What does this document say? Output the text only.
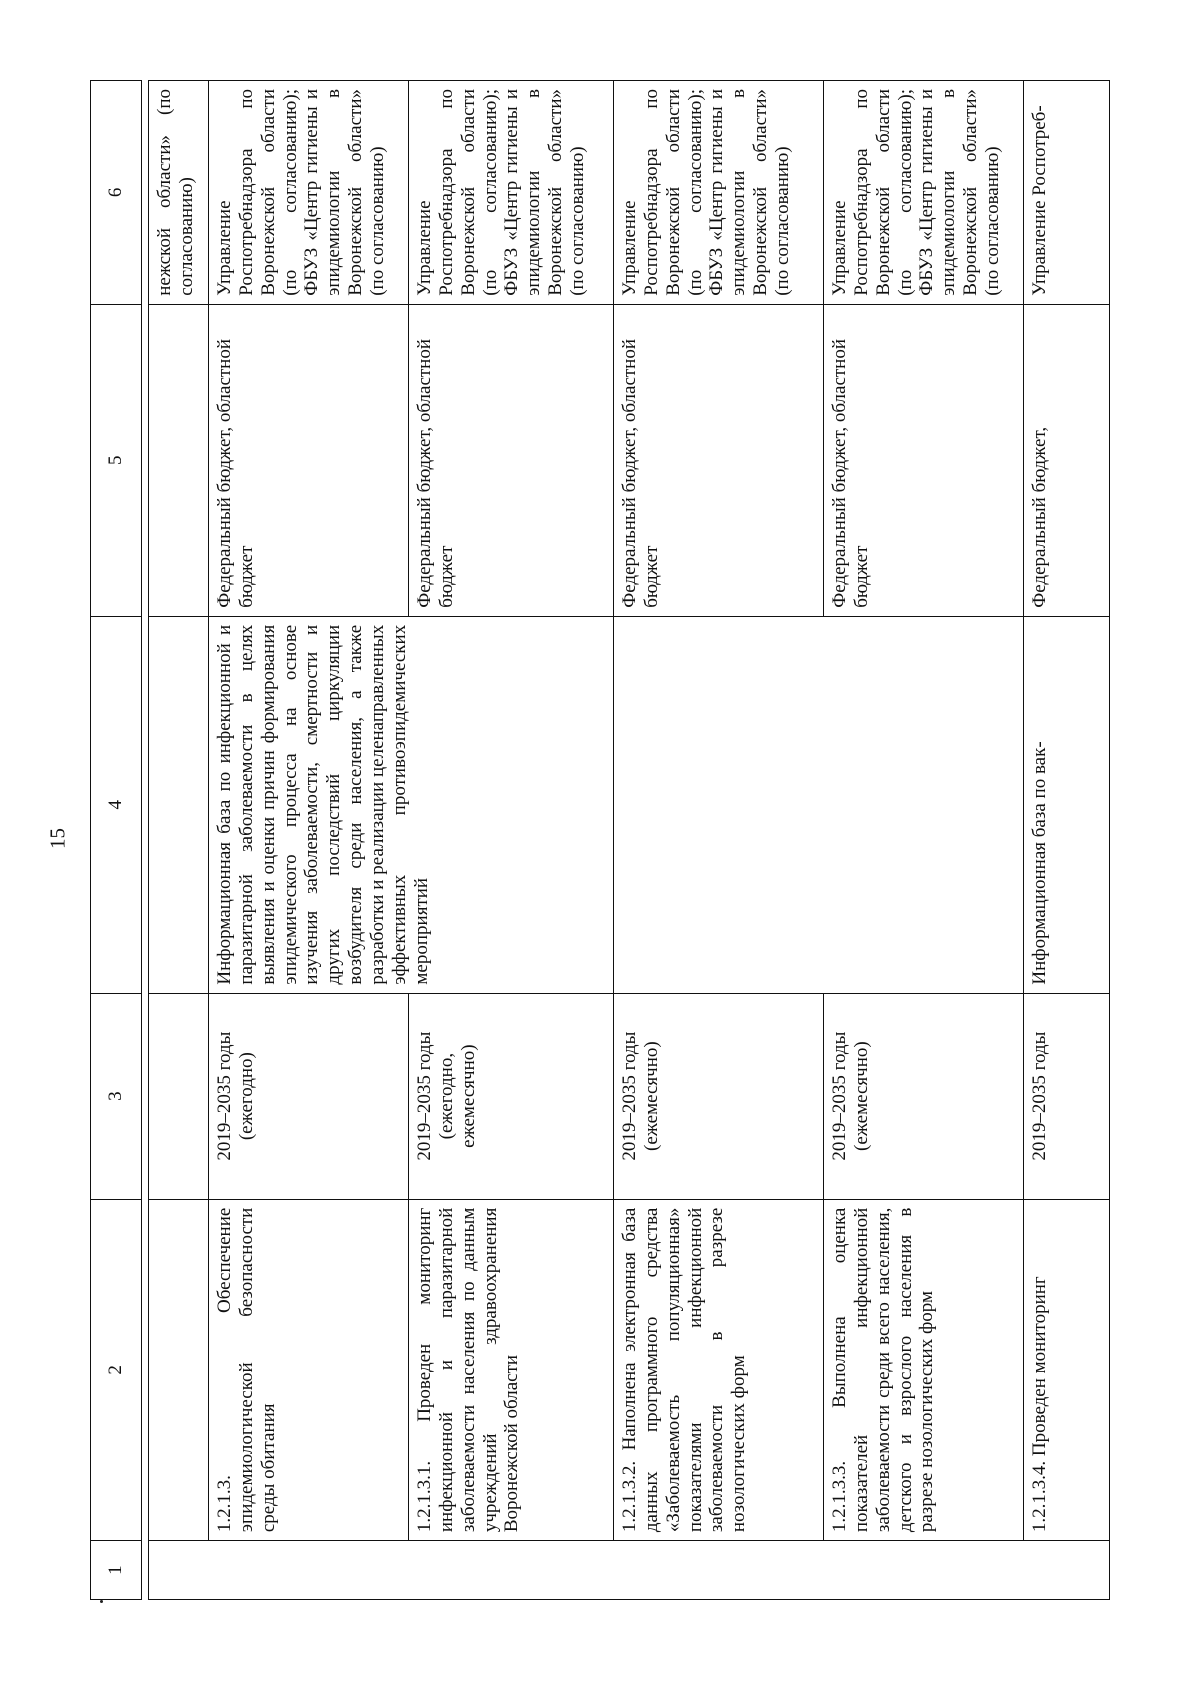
15
1	2	3	4	5	6

					нежской области» (по согласованию)
	1.2.1.3. Обеспечение эпидемиологической безопасности среды обитания	2019–2035 годы (ежегодно)	Информационная база по инфекционной и паразитарной заболеваемости в целях выявления и оценки причин формирования эпидемического процесса на основе изучения заболеваемости, смертности и других последствий циркуляции возбудителя среди населения, а также разработки и реализации целенаправленных эффективных противоэпидемических мероприятий	Федеральный бюджет, областной бюджет	Управление Роспотребнадзора по Воронежской области (по согласованию); ФБУЗ «Центр гигиены и эпидемиологии в Воронежской области» (по согласованию)
	1.2.1.3.1. Проведен мониторинг инфекционной и паразитарной заболеваемости населения по данным учреждений здравоохранения Воронежской области	2019–2035 годы (ежегодно, ежемесячно)		Федеральный бюджет, областной бюджет	Управление Роспотребнадзора по Воронежской области (по согласованию); ФБУЗ «Центр гигиены и эпидемиологии в Воронежской области» (по согласованию)
	1.2.1.3.2. Наполнена электронная база данных программного средства «Заболеваемость популяционная» показателями инфекционной заболеваемости в разрезе нозологических форм	2019–2035 годы (ежемесячно)		Федеральный бюджет, областной бюджет	Управление Роспотребнадзора по Воронежской области (по согласованию); ФБУЗ «Центр гигиены и эпидемиологии в Воронежской области» (по согласованию)
	1.2.1.3.3. Выполнена оценка показателей инфекционной заболеваемости среди всего населения, детского и взрослого населения в разрезе нозологических форм	2019–2035 годы (ежемесячно)		Федеральный бюджет, областной бюджет	Управление Роспотребнадзора по Воронежской области (по согласованию); ФБУЗ «Центр гигиены и эпидемиологии в Воронежской области» (по согласованию)
	1.2.1.3.4. Проведен мониторинг	2019–2035 годы	Информационная база по вак-	Федеральный бюджет,	Управление Роспотреб-
